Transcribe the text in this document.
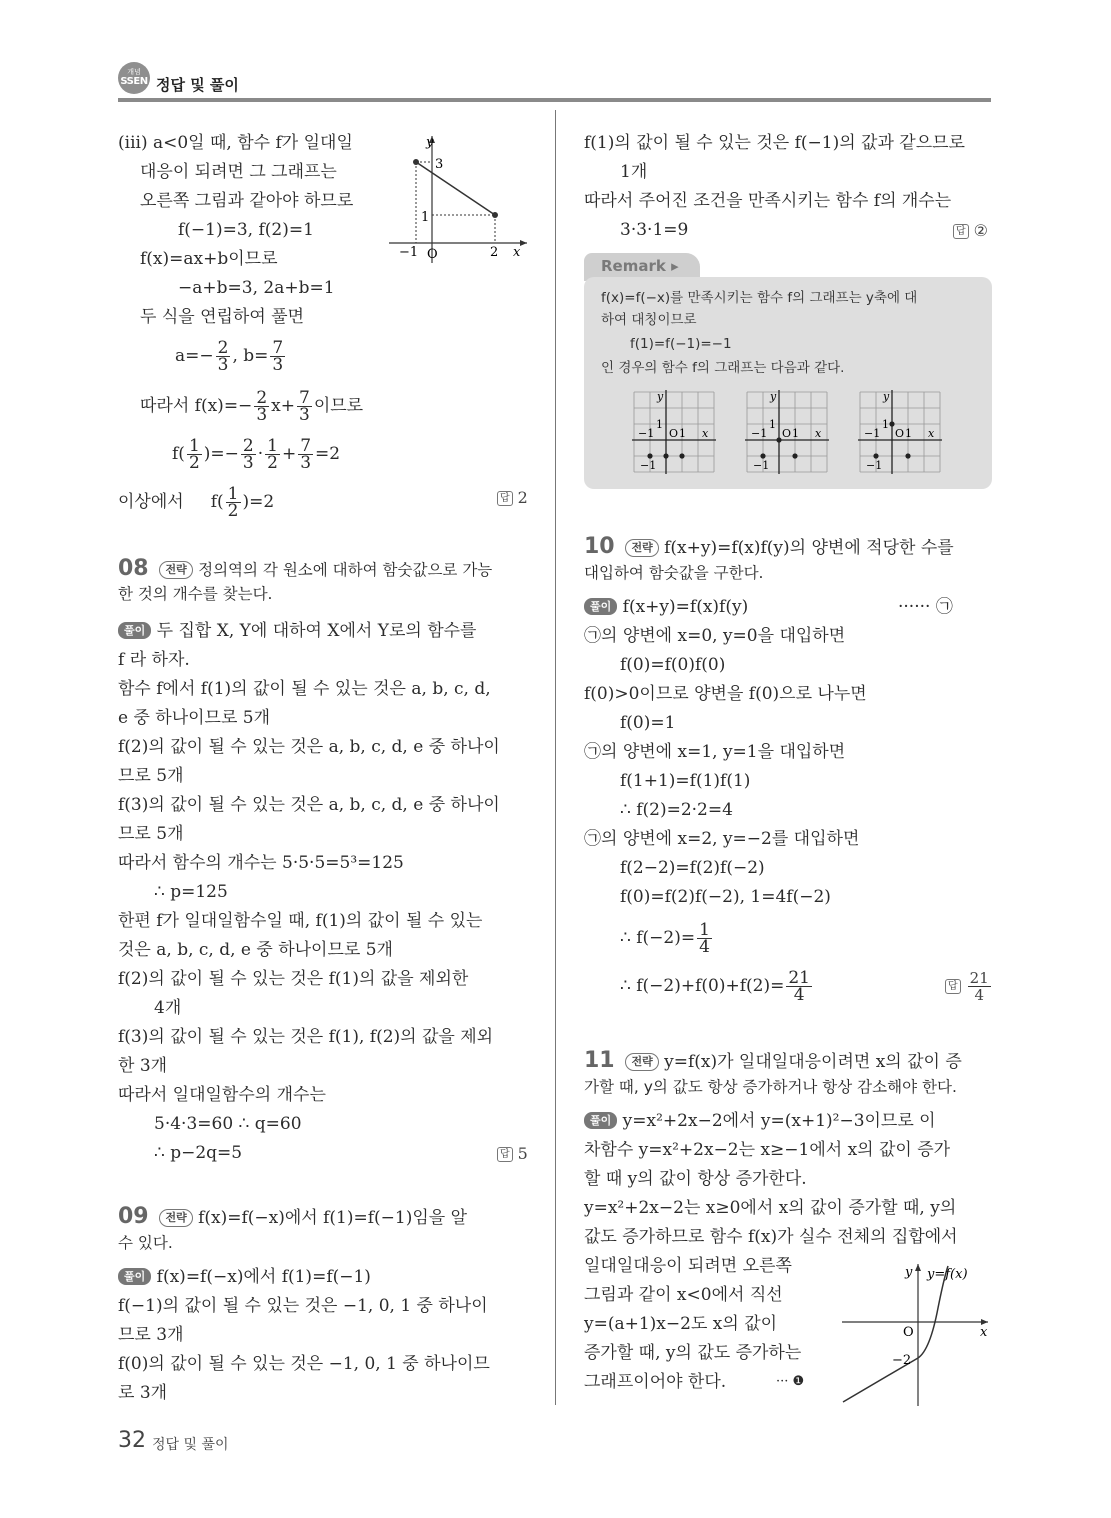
개념
SSEN 정답 및 풀이
(iii) a<0일 때, 함수 f가 일대일
대응이 되려면 그 그래프는
오른쪽 그림과 같아야 하므로
f(−1)=3, f(2)=1
f(x)=ax+b이므로
−a+b=3, 2a+b=1
두 식을 연립하여 풀면
$a=- \frac{2}{3}$ , $b= \frac{7}{3}$
따라서 $f(x)=- \frac{2}{3} x+ \frac{7}{3}$ 이므로
$f( \frac{1}{2}$ )=− $\frac{2}{3} \cdot \frac{1}{2} + \frac{7}{3} =2$
이상에서 $f( \frac{1}{2} )=2$	답 2
y
x
O
−1	2
3
1
08 전략 정의역의 각 원소에 대하여 함숫값으로 가능
한 것의 개수를 찾는다.
풀이 두 집합 X, Y에 대하여 X에서 Y로의 함수를
f 라 하자.
함수 f에서 f(1)의 값이 될 수 있는 것은 a, b, c, d,
e 중 하나이므로 5개
f(2)의 값이 될 수 있는 것은 a, b, c, d, e 중 하나이
므로 5개
f(3)의 값이 될 수 있는 것은 a, b, c, d, e 중 하나이
므로 5개
따라서 함수의 개수는 5·5·5=5³=125
∴ p=125
한편 f가 일대일함수일 때, f(1)의 값이 될 수 있는
것은 a, b, c, d, e 중 하나이므로 5개
f(2)의 값이 될 수 있는 것은 f(1)의 값을 제외한
4개
f(3)의 값이 될 수 있는 것은 f(1), f(2)의 값을 제외
한 3개
따라서 일대일함수의 개수는
5·4·3=60 ∴ q=60
∴ p−2q=5	답 5
09 전략 f(x)=f(−x)에서 f(1)=f(−1)임을 알
수 있다.
풀이 f(x)=f(−x)에서 f(1)=f(−1)
f(−1)의 값이 될 수 있는 것은 −1, 0, 1 중 하나이
므로 3개
f(0)의 값이 될 수 있는 것은 −1, 0, 1 중 하나이므
로 3개
f(1)의 값이 될 수 있는 것은 f(−1)의 값과 같으므로
1개
따라서 주어진 조건을 만족시키는 함수 f의 개수는
3·3·1=9	답 ②
Remark ▸
f(x)=f(−x)를 만족시키는 함수 f의 그래프는 y축에 대
하여 대칭이므로
f(1)=f(−1)=−1
인 경우의 함수 f의 그래프는 다음과 같다.
y
x
O
1
1
−1
−1
y
x
O
1
1
−1
−1
y
x
O
1
1
−1
−1
10 전략 f(x+y)=f(x)f(y)의 양변에 적당한 수를
대입하여 함숫값을 구한다.
풀이 f(x+y)=f(x)f(y)	······ ㉠
㉠의 양변에 x=0, y=0을 대입하면
f(0)=f(0)f(0)
f(0)>0이므로 양변을 f(0)으로 나누면
f(0)=1
㉠의 양변에 x=1, y=1을 대입하면
f(1+1)=f(1)f(1)
∴ f(2)=2·2=4
㉠의 양변에 x=2, y=−2를 대입하면
f(2−2)=f(2)f(−2)
f(0)=f(2)f(−2), 1=4f(−2)
∴ $f(-2)= \frac{1}{4}$
∴ $f(-2)+f(0)+f(2)= \frac{21}{4}$	답 $\frac{21}{4}$
11 전략 y=f(x)가 일대일대응이려면 x의 값이 증
가할 때, y의 값도 항상 증가하거나 항상 감소해야 한다.
풀이 y=x²+2x−2에서 y=(x+1)²−3이므로 이
차함수 y=x²+2x−2는 x≥−1에서 x의 값이 증가
할 때 y의 값이 항상 증가한다.
y=x²+2x−2는 x≥0에서 x의 값이 증가할 때, y의
값도 증가하므로 함수 f(x)가 실수 전체의 집합에서
일대일대응이 되려면 오른쪽
그림과 같이 x<0에서 직선
y=(a+1)x−2도 x의 값이
증가할 때, y의 값도 증가하는
그래프이어야 한다.	··· ❶
y y=f(x)
O	x
−2
32 정답 및 풀이
